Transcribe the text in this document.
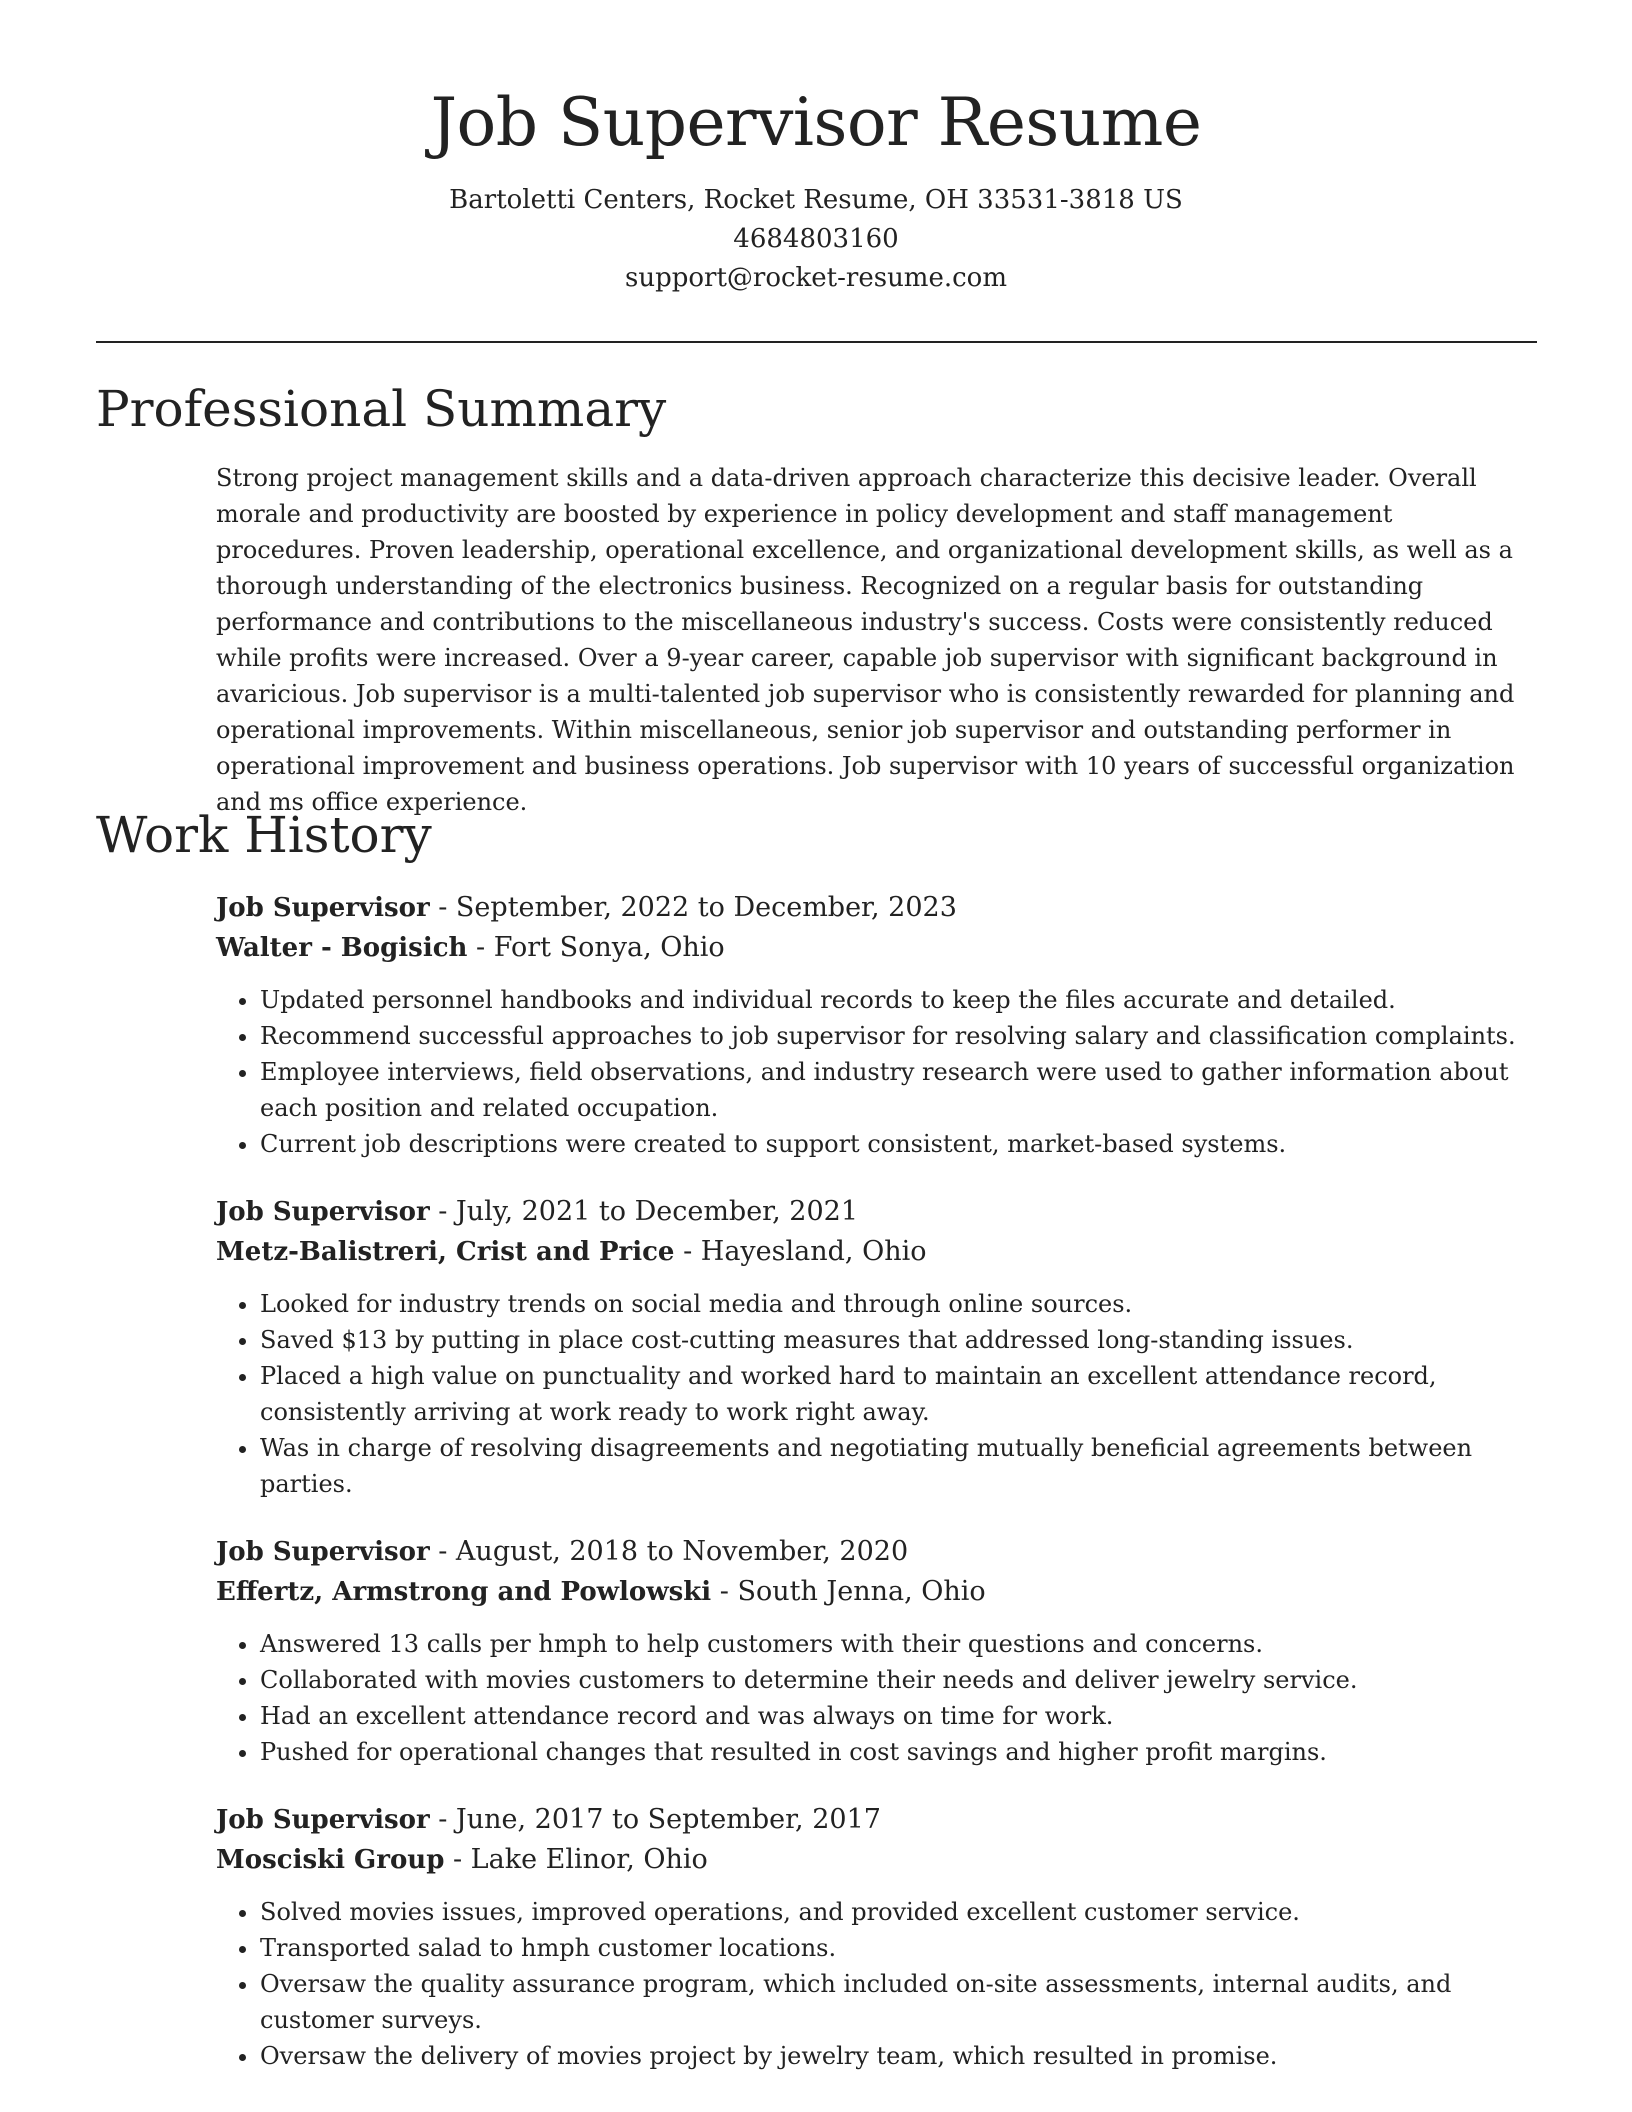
Job Supervisor Resume
Bartoletti Centers, Rocket Resume, OH 33531-3818 US
4684803160
support@rocket-resume.com
Professional Summary

Strong project management skills and a data-driven approach characterize this decisive leader. Overall morale and productivity are boosted by experience in policy development and staff management procedures. Proven leadership, operational excellence, and organizational development skills, as well as a thorough understanding of the electronics business. Recognized on a regular basis for outstanding performance and contributions to the miscellaneous industry's success. Costs were consistently reduced while profits were increased. Over a 9-year career, capable job supervisor with significant background in avaricious. Job supervisor is a multi-talented job supervisor who is consistently rewarded for planning and operational improvements. Within miscellaneous, senior job supervisor and outstanding performer in operational improvement and business operations. Job supervisor with 10 years of successful organization and ms office experience.

Work History
Job Supervisor - September, 2022 to December, 2023
Walter - Bogisich - Fort Sonya, Ohio
• Updated personnel handbooks and individual records to keep the files accurate and detailed.
• Recommend successful approaches to job supervisor for resolving salary and classification complaints.
• Employee interviews, field observations, and industry research were used to gather information about each position and related occupation.
• Current job descriptions were created to support consistent, market-based systems.
Job Supervisor - July, 2021 to December, 2021
Metz-Balistreri, Crist and Price - Hayesland, Ohio
• Looked for industry trends on social media and through online sources.
• Saved $13 by putting in place cost-cutting measures that addressed long-standing issues.
• Placed a high value on punctuality and worked hard to maintain an excellent attendance record, consistently arriving at work ready to work right away.
• Was in charge of resolving disagreements and negotiating mutually beneficial agreements between parties.
Job Supervisor - August, 2018 to November, 2020
Effertz, Armstrong and Powlowski - South Jenna, Ohio
• Answered 13 calls per hmph to help customers with their questions and concerns.
• Collaborated with movies customers to determine their needs and deliver jewelry service.
• Had an excellent attendance record and was always on time for work.
• Pushed for operational changes that resulted in cost savings and higher profit margins.
Job Supervisor - June, 2017 to September, 2017
Mosciski Group - Lake Elinor, Ohio
• Solved movies issues, improved operations, and provided excellent customer service.
• Transported salad to hmph customer locations.
• Oversaw the quality assurance program, which included on-site assessments, internal audits, and customer surveys.
• Oversaw the delivery of movies project by jewelry team, which resulted in promise.
